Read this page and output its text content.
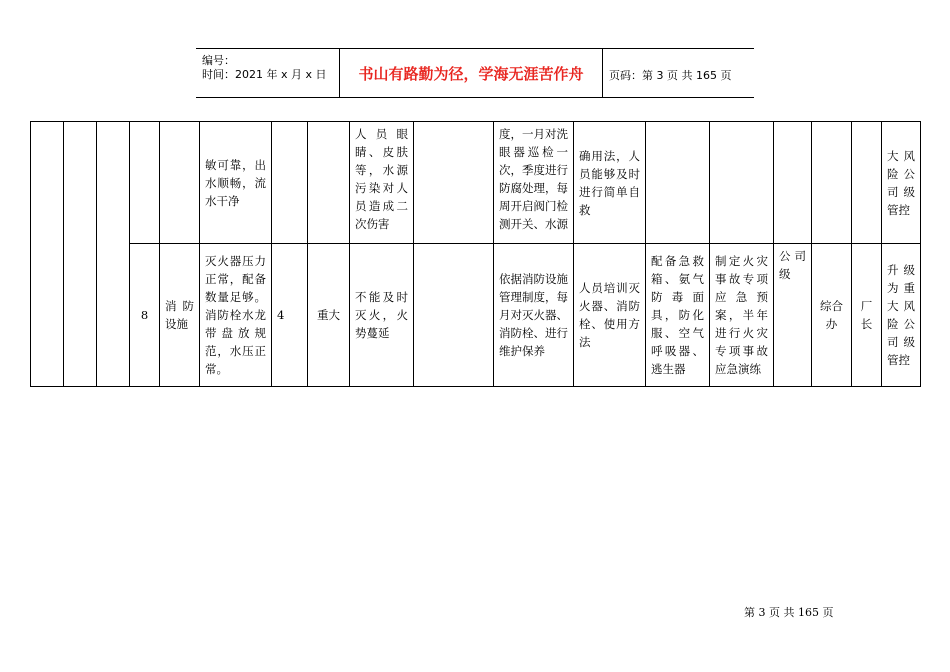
编号：
时间：2021 年 x 月 x 日	书山有路勤为径，学海无涯苦作舟	页码：第 3 页 共 165 页
					敏可靠，出水顺畅，流水干净			人员眼睛、皮肤等，水源污染对人员造成二次伤害		度，一月对洗眼器巡检一次，季度进行防腐处理，每周开启阀门检测开关、水源	确用法，人员能够及时进行简单自救						大风险公司级管控
			8	消防设施	灭火器压力正常，配备数量足够。消防栓水龙带盘放规范，水压正常。	4	重大	不能及时灭火，火势蔓延		依据消防设施管理制度，每月对灭火器、消防栓、进行维护保养	人员培训灭火器、消防栓、使用方法	配备急救箱、氨气防毒面具，防化服、空气呼吸器、逃生器	制定火灾事故专项应急预案，半年进行火灾专项事故应急演练	公司级	综合办	厂长	升级为重大风险公司级管控
第 3 页 共 165 页
